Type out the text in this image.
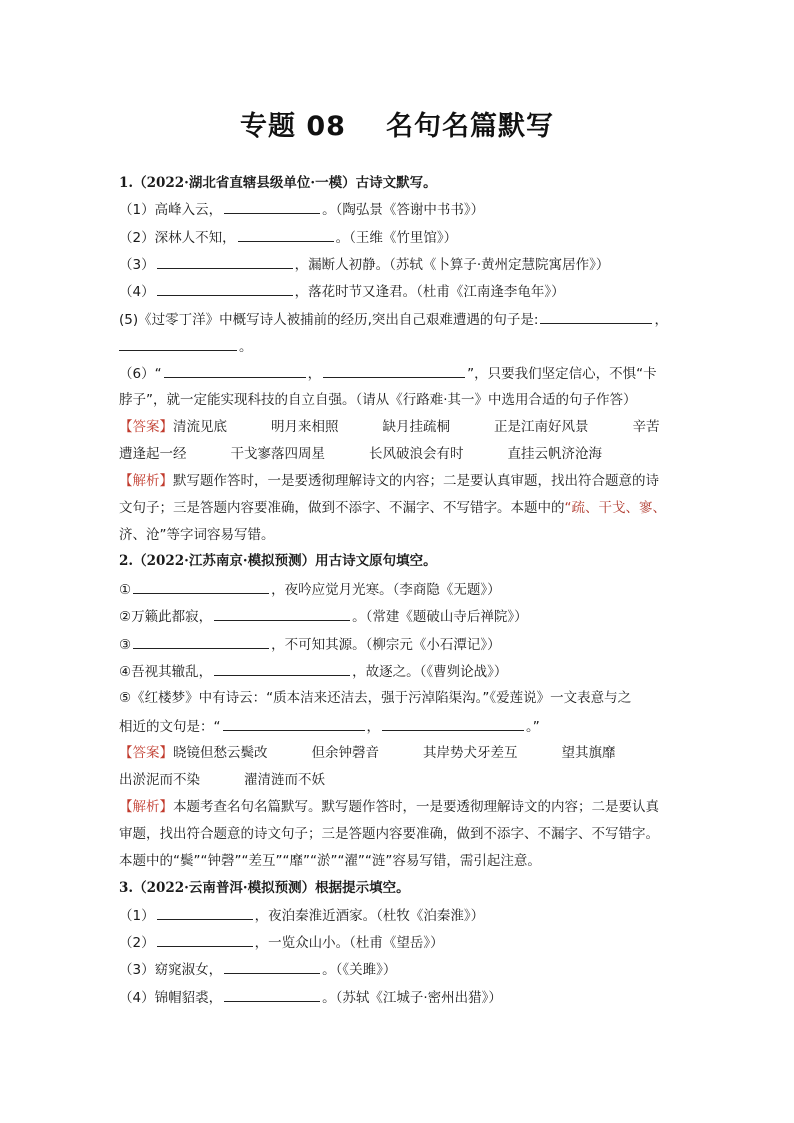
专题 08 名句名篇默写
1.（2022·湖北省直辖县级单位·一模）古诗文默写。
（1）高峰入云，	。（陶弘景《答谢中书书》）
（2）深林人不知，	。（王维《竹里馆》）
（3）	，漏断人初静。（苏轼《卜算子·黄州定慧院寓居作》）
（4）	，落花时节又逢君。（杜甫《江南逢李龟年》）
(5)《过零丁洋》中概写诗人被捕前的经历,突出自己艰难遭遇的句子是:	，
。
（6）“	，	”，只要我们坚定信心，不惧“卡
脖子”，就一定能实现科技的自立自强。（请从《行路难·其一》中选用合适的句子作答）
【答案】清流见底	明月来相照	缺月挂疏桐	正是江南好风景	辛苦
遭逢起一经	干戈寥落四周星	长风破浪会有时	直挂云帆济沧海
【解析】默写题作答时，一是要透彻理解诗文的内容；二是要认真审题，找出符合题意的诗
文句子；三是答题内容要准确，做到不添字、不漏字、不写错字。本题中的“疏、干戈、寥、
济、沧”等字词容易写错。
2.（2022·江苏南京·模拟预测）用古诗文原句填空。
①	，夜吟应觉月光寒。（李商隐《无题》）
②万籁此都寂，	。（常建《题破山寺后禅院》）
③	，不可知其源。（柳宗元《小石潭记》）
④吾视其辙乱，	，故逐之。（《曹刿论战》）
⑤《红楼梦》中有诗云：“质本洁来还洁去，强于污淖陷渠沟。”《爱莲说》一文表意与之
相近的文句是：“	，	。”
【答案】晓镜但愁云鬓改	但余钟磬音	其岸势犬牙差互	望其旗靡
出淤泥而不染	濯清涟而不妖
【解析】本题考查名句名篇默写。默写题作答时，一是要透彻理解诗文的内容；二是要认真
审题，找出符合题意的诗文句子；三是答题内容要准确，做到不添字、不漏字、不写错字。
本题中的“鬓”“钟磬”“差互”“靡”“淤”“濯”“涟”容易写错，需引起注意。
3.（2022·云南普洱·模拟预测）根据提示填空。
（1）	，夜泊秦淮近酒家。（杜牧《泊秦淮》）
（2）	，一览众山小。（杜甫《望岳》）
（3）窈窕淑女，	。（《关雎》）
（4）锦帽貂裘，	。（苏轼《江城子·密州出猎》）
